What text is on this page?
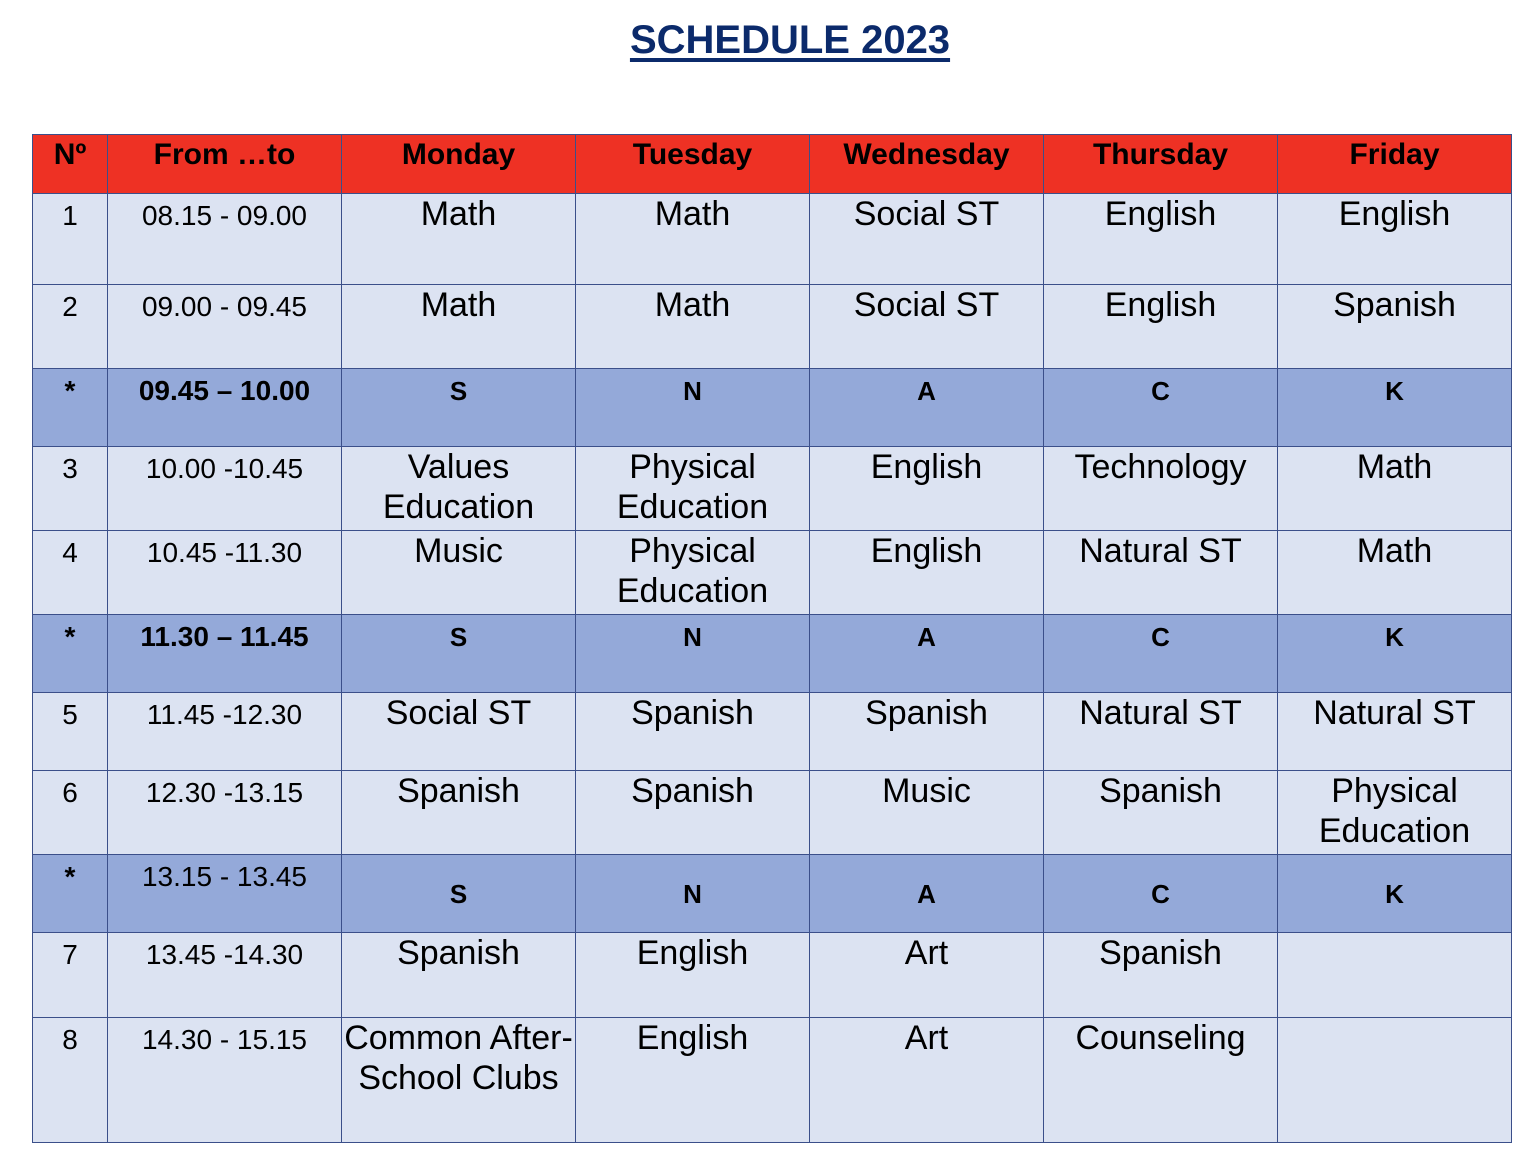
SCHEDULE 2023
Nº	From …to	Monday	Tuesday	Wednesday	Thursday	Friday
1	08.15 - 09.00	Math	Math	Social ST	English	English
2	09.00 - 09.45	Math	Math	Social ST	English	Spanish
*	09.45 – 10.00	S	N	A	C	K
3	10.00 -10.45	Values Education	Physical Education	English	Technology	Math
4	10.45 -11.30	Music	Physical Education	English	Natural ST	Math
*	11.30 – 11.45	S	N	A	C	K
5	11.45 -12.30	Social ST	Spanish	Spanish	Natural ST	Natural ST
6	12.30 -13.15	Spanish	Spanish	Music	Spanish	Physical Education
*	13.15 - 13.45	S	N	A	C	K
7	13.45 -14.30	Spanish	English	Art	Spanish	
8	14.30 - 15.15	Common After-School Clubs	English	Art	Counseling	
